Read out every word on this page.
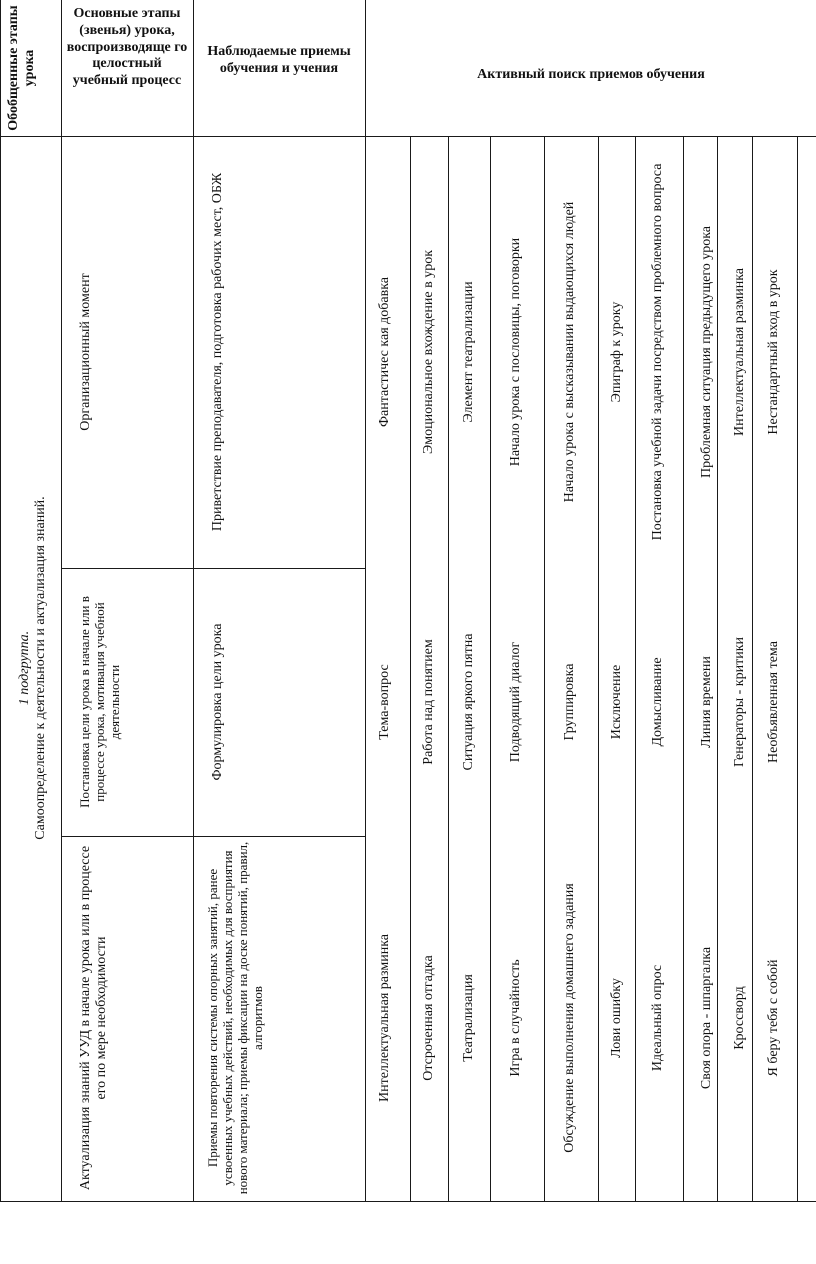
Обобщенные этапы урока
Основные этапы (звенья) урока, воспроизводяще го целостный учебный процесс
Наблюдаемые приемы обучения и учения	Активный поиск приемов обучения
1 подгруппа. Самоопределение к деятельности и актуализация знаний.
Организационный момент
Постановка цели урока в начале или в процессе урока, мотивация учебной деятельности
Актуализация знаний УУД в начале урока или в процессе его по мере необходимости
Приветствие преподавателя, подготовка рабочих мест, ОБЖ
Формулировка цели урока
Приемы повторения системы опорных занятий, ранее усвоенных учебных действий, необходимых для восприятия нового материала; приемы фиксации на доске понятий, правил, алгоритмов
Фантастичес кая добавка
Тема-вопрос
Интеллектуальная разминка
Эмоциональное вхождение в урок
Работа над понятием
Отсроченная отгадка
Элемент театрализации
Ситуация яркого пятна
Театрализация
Начало урока с пословицы, поговорки
Подводящий диалог
Игра в случайность
Начало урока с высказывании выдающихся людей
Группировка
Обсуждение выполнения домашнего задания
Эпиграф к уроку
Исключение
Лови ошибку
Постановка учебной задачи посредством проблемного вопроса
Домысливание
Идеальный опрос
Проблемная ситуация предыдущего урока
Линия времени
Своя опора - шпаргалка
Интеллектуальная разминка
Генераторы - критики
Кроссворд
Нестандартный вход в урок
Необъявленная тема
Я беру тебя с собой
